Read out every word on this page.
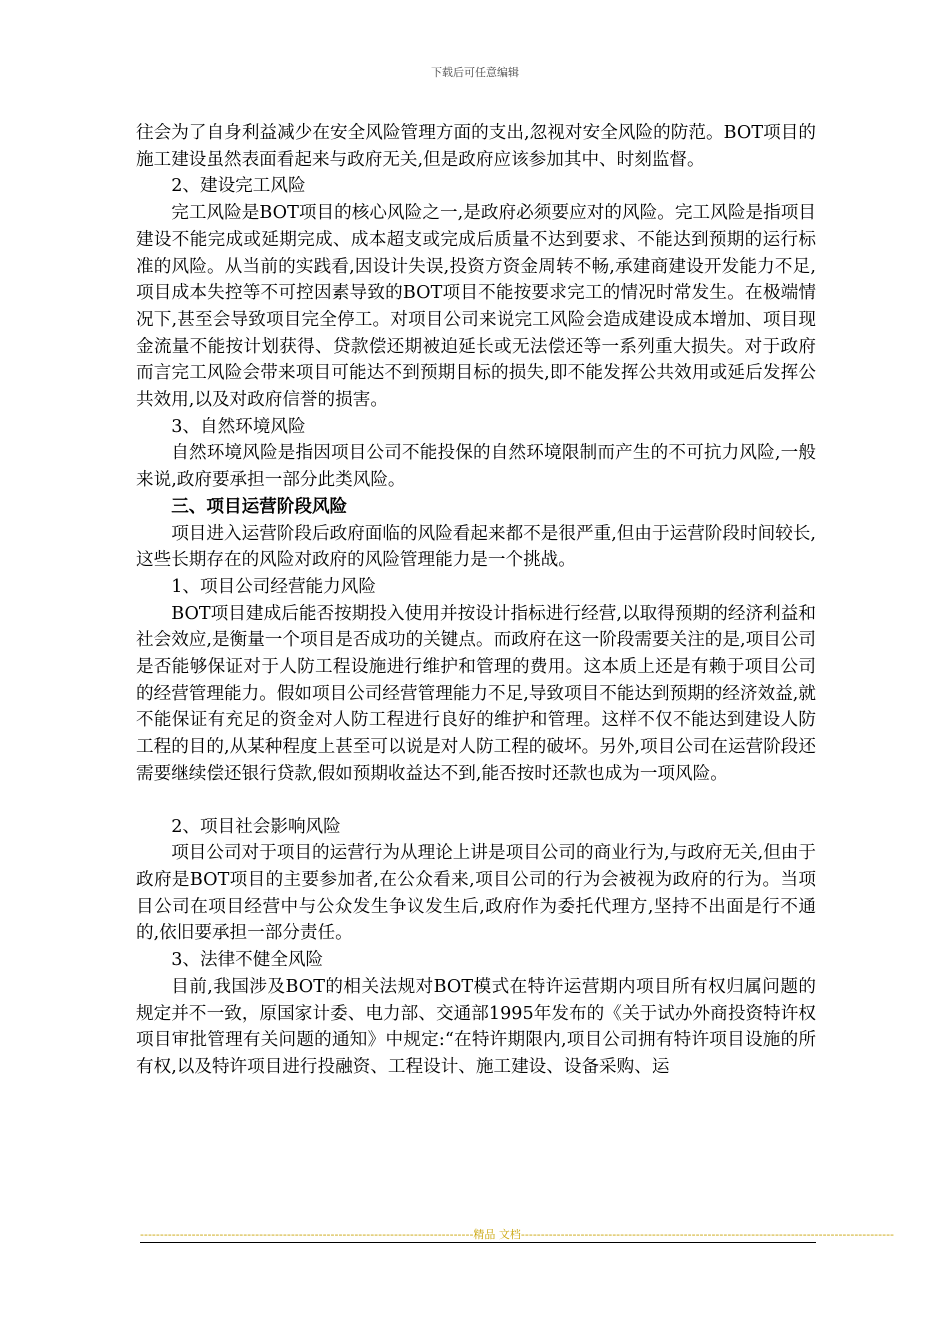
下载后可任意编辑

往会为了自身利益减少在安全风险管理方面的支出,忽视对安全风险的防范。BOT项目的施工建设虽然表面看起来与政府无关,但是政府应该参加其中、时刻监督。

2、建设完工风险

完工风险是BOT项目的核心风险之一,是政府必须要应对的风险。完工风险是指项目建设不能完成或延期完成、成本超支或完成后质量不达到要求、不能达到预期的运行标准的风险。从当前的实践看,因设计失误,投资方资金周转不畅,承建商建设开发能力不足,项目成本失控等不可控因素导致的BOT项目不能按要求完工的情况时常发生。在极端情况下,甚至会导致项目完全停工。对项目公司来说完工风险会造成建设成本增加、项目现金流量不能按计划获得、贷款偿还期被迫延长或无法偿还等一系列重大损失。对于政府而言完工风险会带来项目可能达不到预期目标的损失,即不能发挥公共效用或延后发挥公共效用,以及对政府信誉的损害。

3、自然环境风险

自然环境风险是指因项目公司不能投保的自然环境限制而产生的不可抗力风险,一般来说,政府要承担一部分此类风险。

三、项目运营阶段风险

项目进入运营阶段后政府面临的风险看起来都不是很严重,但由于运营阶段时间较长,这些长期存在的风险对政府的风险管理能力是一个挑战。

1、项目公司经营能力风险

BOT项目建成后能否按期投入使用并按设计指标进行经营,以取得预期的经济利益和社会效应,是衡量一个项目是否成功的关键点。而政府在这一阶段需要关注的是,项目公司是否能够保证对于人防工程设施进行维护和管理的费用。这本质上还是有赖于项目公司的经营管理能力。假如项目公司经营管理能力不足,导致项目不能达到预期的经济效益,就不能保证有充足的资金对人防工程进行良好的维护和管理。这样不仅不能达到建设人防工程的目的,从某种程度上甚至可以说是对人防工程的破坏。另外,项目公司在运营阶段还需要继续偿还银行贷款,假如预期收益达不到,能否按时还款也成为一项风险。

2、项目社会影响风险

项目公司对于项目的运营行为从理论上讲是项目公司的商业行为,与政府无关,但由于政府是BOT项目的主要参加者,在公众看来,项目公司的行为会被视为政府的行为。当项目公司在项目经营中与公众发生争议发生后,政府作为委托代理方,坚持不出面是行不通的,依旧要承担一部分责任。

3、法律不健全风险

目前,我国涉及BOT的相关法规对BOT模式在特许运营期内项目所有权归属问题的规定并不一致，原国家计委、电力部、交通部1995年发布的《关于试办外商投资特许权项目审批管理有关问题的通知》中规定:“在特许期限内,项目公司拥有特许项目设施的所有权,以及特许项目进行投融资、工程设计、施工建设、设备采购、运

------------------------------------------------------------------------------------精品 文档----------------------------------------------------------------------------------------------
